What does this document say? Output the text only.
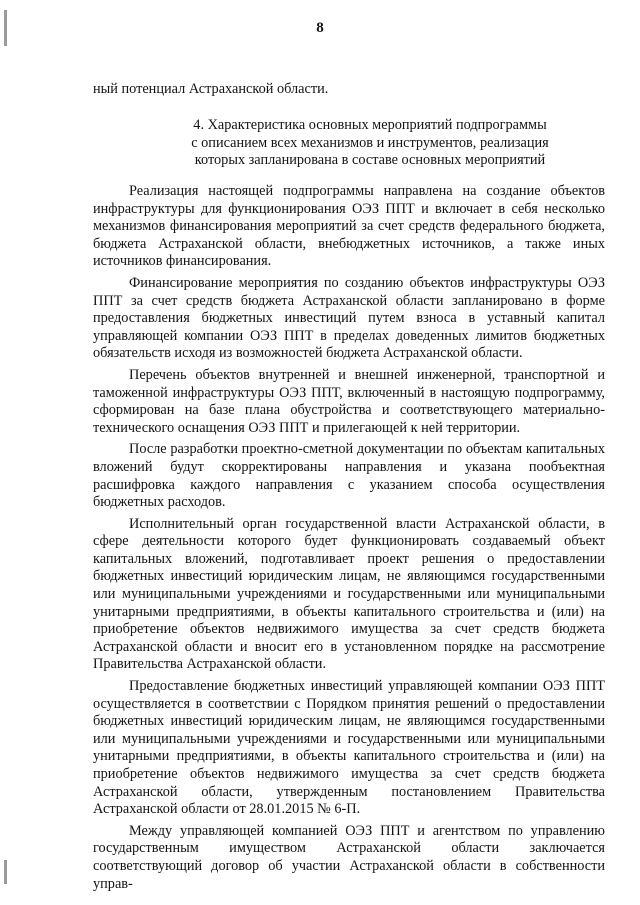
8
ный потенциал Астраханской области.
4. Характеристика основных мероприятий подпрограммы
с описанием всех механизмов и инструментов, реализация
которых запланирована в составе основных мероприятий

Реализация настоящей подпрограммы направлена на создание объектов инфраструктуры для функционирования ОЭЗ ППТ и включает в себя несколько механизмов финансирования мероприятий за счет средств федерального бюджета, бюджета Астраханской области, внебюджетных источников, а также иных источников финансирования.

Финансирование мероприятия по созданию объектов инфраструктуры ОЭЗ ППТ за счет средств бюджета Астраханской области запланировано в форме предоставления бюджетных инвестиций путем взноса в уставный капитал управляющей компании ОЭЗ ППТ в пределах доведенных лимитов бюджетных обязательств исходя из возможностей бюджета Астраханской области.

Перечень объектов внутренней и внешней инженерной, транспортной и таможенной инфраструктуры ОЭЗ ППТ, включенный в настоящую подпрограмму, сформирован на базе плана обустройства и соответствующего материально-технического оснащения ОЭЗ ППТ и прилегающей к ней территории.

После разработки проектно-сметной документации по объектам капитальных вложений будут скорректированы направления и указана пообъектная расшифровка каждого направления с указанием способа осуществления бюджетных расходов.

Исполнительный орган государственной власти Астраханской области, в сфере деятельности которого будет функционировать создаваемый объект капитальных вложений, подготавливает проект решения о предоставлении бюджетных инвестиций юридическим лицам, не являющимся государственными или муниципальными учреждениями и государственными или муниципальными унитарными предприятиями, в объекты капитального строительства и (или) на приобретение объектов недвижимого имущества за счет средств бюджета Астраханской области и вносит его в установленном порядке на рассмотрение Правительства Астраханской области.

Предоставление бюджетных инвестиций управляющей компании ОЭЗ ППТ осуществляется в соответствии с Порядком принятия решений о предоставлении бюджетных инвестиций юридическим лицам, не являющимся государственными или муниципальными учреждениями и государственными или муниципальными унитарными предприятиями, в объекты капитального строительства и (или) на приобретение объектов недвижимого имущества за счет средств бюджета Астраханской области, утвержденным постановлением Правительства Астраханской области от 28.01.2015 № 6-П.

Между управляющей компанией ОЭЗ ППТ и агентством по управлению государственным имуществом Астраханской области заключается соответствующий договор об участии Астраханской области в собственности управ-
